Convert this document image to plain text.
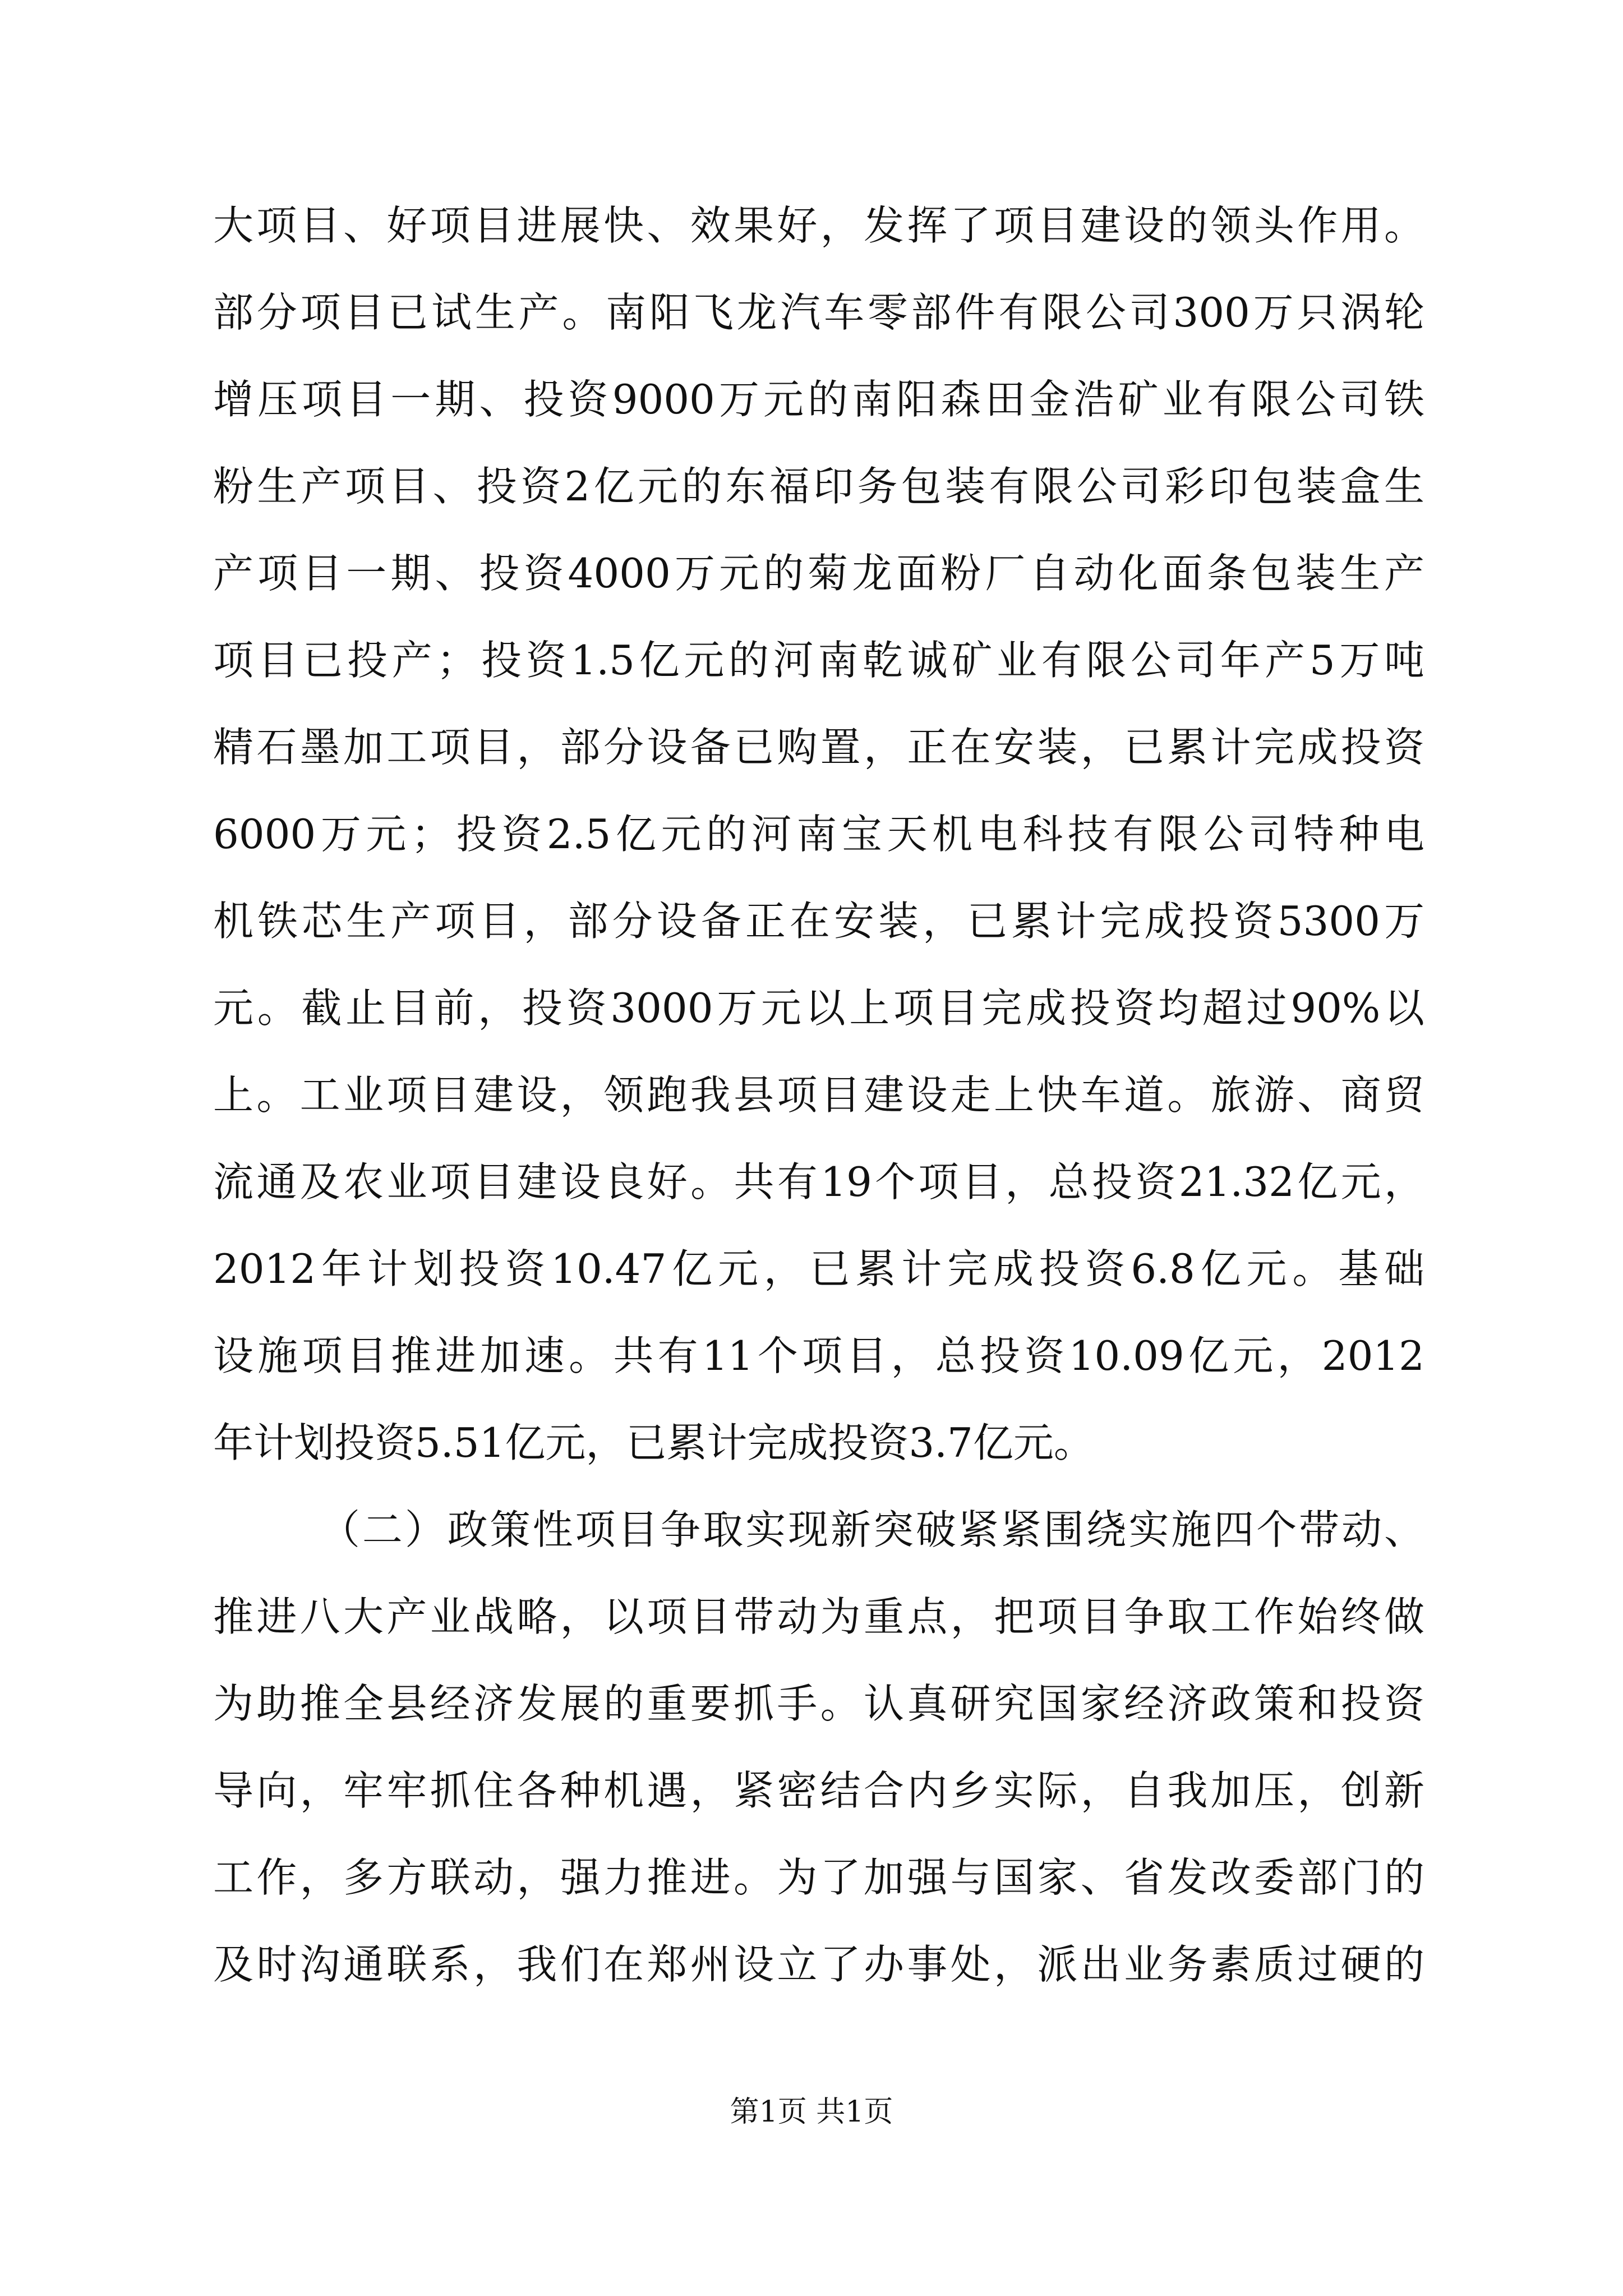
大项目、好项目进展快、效果好，发挥了项目建设的领头作用。
部分项目已试生产。南阳飞龙汽车零部件有限公司300万只涡轮
增压项目一期、投资9000万元的南阳森田金浩矿业有限公司铁
粉生产项目、投资2亿元的东福印务包装有限公司彩印包装盒生
产项目一期、投资4000万元的菊龙面粉厂自动化面条包装生产
项目已投产；投资1.5亿元的河南乾诚矿业有限公司年产5万吨
精石墨加工项目，部分设备已购置，正在安装，已累计完成投资
6000万元；投资2.5亿元的河南宝天机电科技有限公司特种电
机铁芯生产项目，部分设备正在安装，已累计完成投资5300万
元。截止目前，投资3000万元以上项目完成投资均超过90%以
上。工业项目建设，领跑我县项目建设走上快车道。旅游、商贸
流通及农业项目建设良好。共有19个项目，总投资21.32亿元，
2012年计划投资10.47亿元，已累计完成投资6.8亿元。基础
设施项目推进加速。共有11个项目，总投资10.09亿元，2012
年计划投资5.51亿元，已累计完成投资3.7亿元。
（二）政策性项目争取实现新突破紧紧围绕实施四个带动、
推进八大产业战略，以项目带动为重点，把项目争取工作始终做
为助推全县经济发展的重要抓手。认真研究国家经济政策和投资
导向，牢牢抓住各种机遇，紧密结合内乡实际，自我加压，创新
工作，多方联动，强力推进。为了加强与国家、省发改委部门的
及时沟通联系，我们在郑州设立了办事处，派出业务素质过硬的
第1页 共1页
